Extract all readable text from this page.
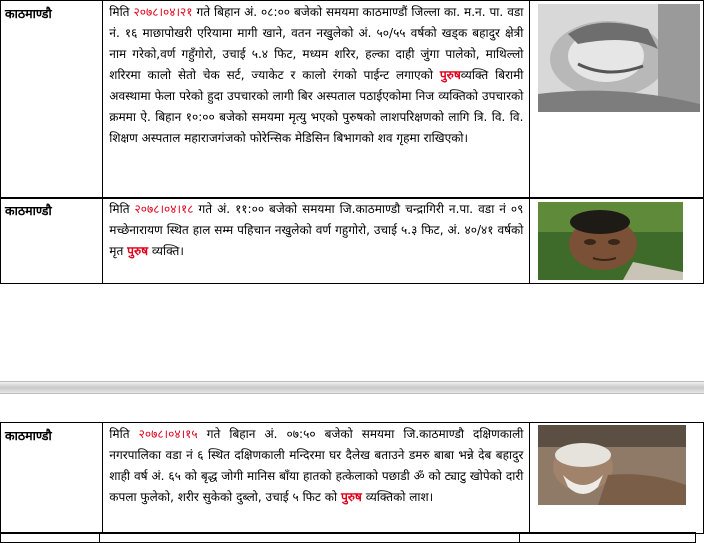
काठमाण्डौ	मिति २०७८।०४।२१ गते बिहान अं. ०८:०० बजेको समयमा काठमाण्डौं जिल्ला का. म.न. पा. वडा नं. १६ माछापोखरी एरियामा मागी खाने, वतन नखुलेको अं. ५०/५५ वर्षको खड्क बहादुर क्षेत्री नाम गरेको,वर्ण गहुँगोरो, उचाई ५.४ फिट, मध्यम शरिर, हल्का दाही जुंगा पालेको, माथिल्लो शरिरमा कालो सेतो चेक सर्ट, ज्याकेट र कालो रंगको पाईन्ट लगाएको पुरुषव्यक्ति बिरामी अवस्थामा फेला परेको हुदा उपचारको लागी बिर अस्पताल पठाईएकोमा निज व्यक्तिको उपचारको क्रममा ऐ. बिहान १०:०० बजेको समयमा मृत्यु भएको पुरुषको लाशपरिक्षणको लागि त्रि. वि. वि. शिक्षण अस्पताल महाराजगंजको फोरेन्सिक मेडिसिन बिभागको शव गृहमा राखिएको।	
काठमाण्डौ	मिति २०७८।०४।१८ गते अं. ११:०० बजेको समयमा जि.काठमाण्डौ चन्द्रागिरी न.पा. वडा नं ०९ मच्छेनारायण स्थित हाल सम्म पहिचान नखुलेको वर्ण गहुगोरो, उचाई ५.३ फिट, अं. ४०/४१ वर्षको मृत पुरुष व्यक्ति।	
काठमाण्डौ	मिति २०७८।०४।१५ गते बिहान अं. ०७:५० बजेको समयमा जि.काठमाण्डौ दक्षिणकाली नगरपालिका वडा नं ६ स्थित दक्षिणकाली मन्दिरमा घर दैलेख बताउने डमरु बाबा भन्ने देब बहादुर शाही वर्ष अं. ६५ को बृद्ध जोगी मानिस बाँया हातको हत्केलाको पछाडी ॐ को ट्याटु खोपेको दारी कपला फुलेको, शरीर सुकेको दुब्लो, उचाई ५ फिट को पुरुष व्यक्तिको लाश।	
